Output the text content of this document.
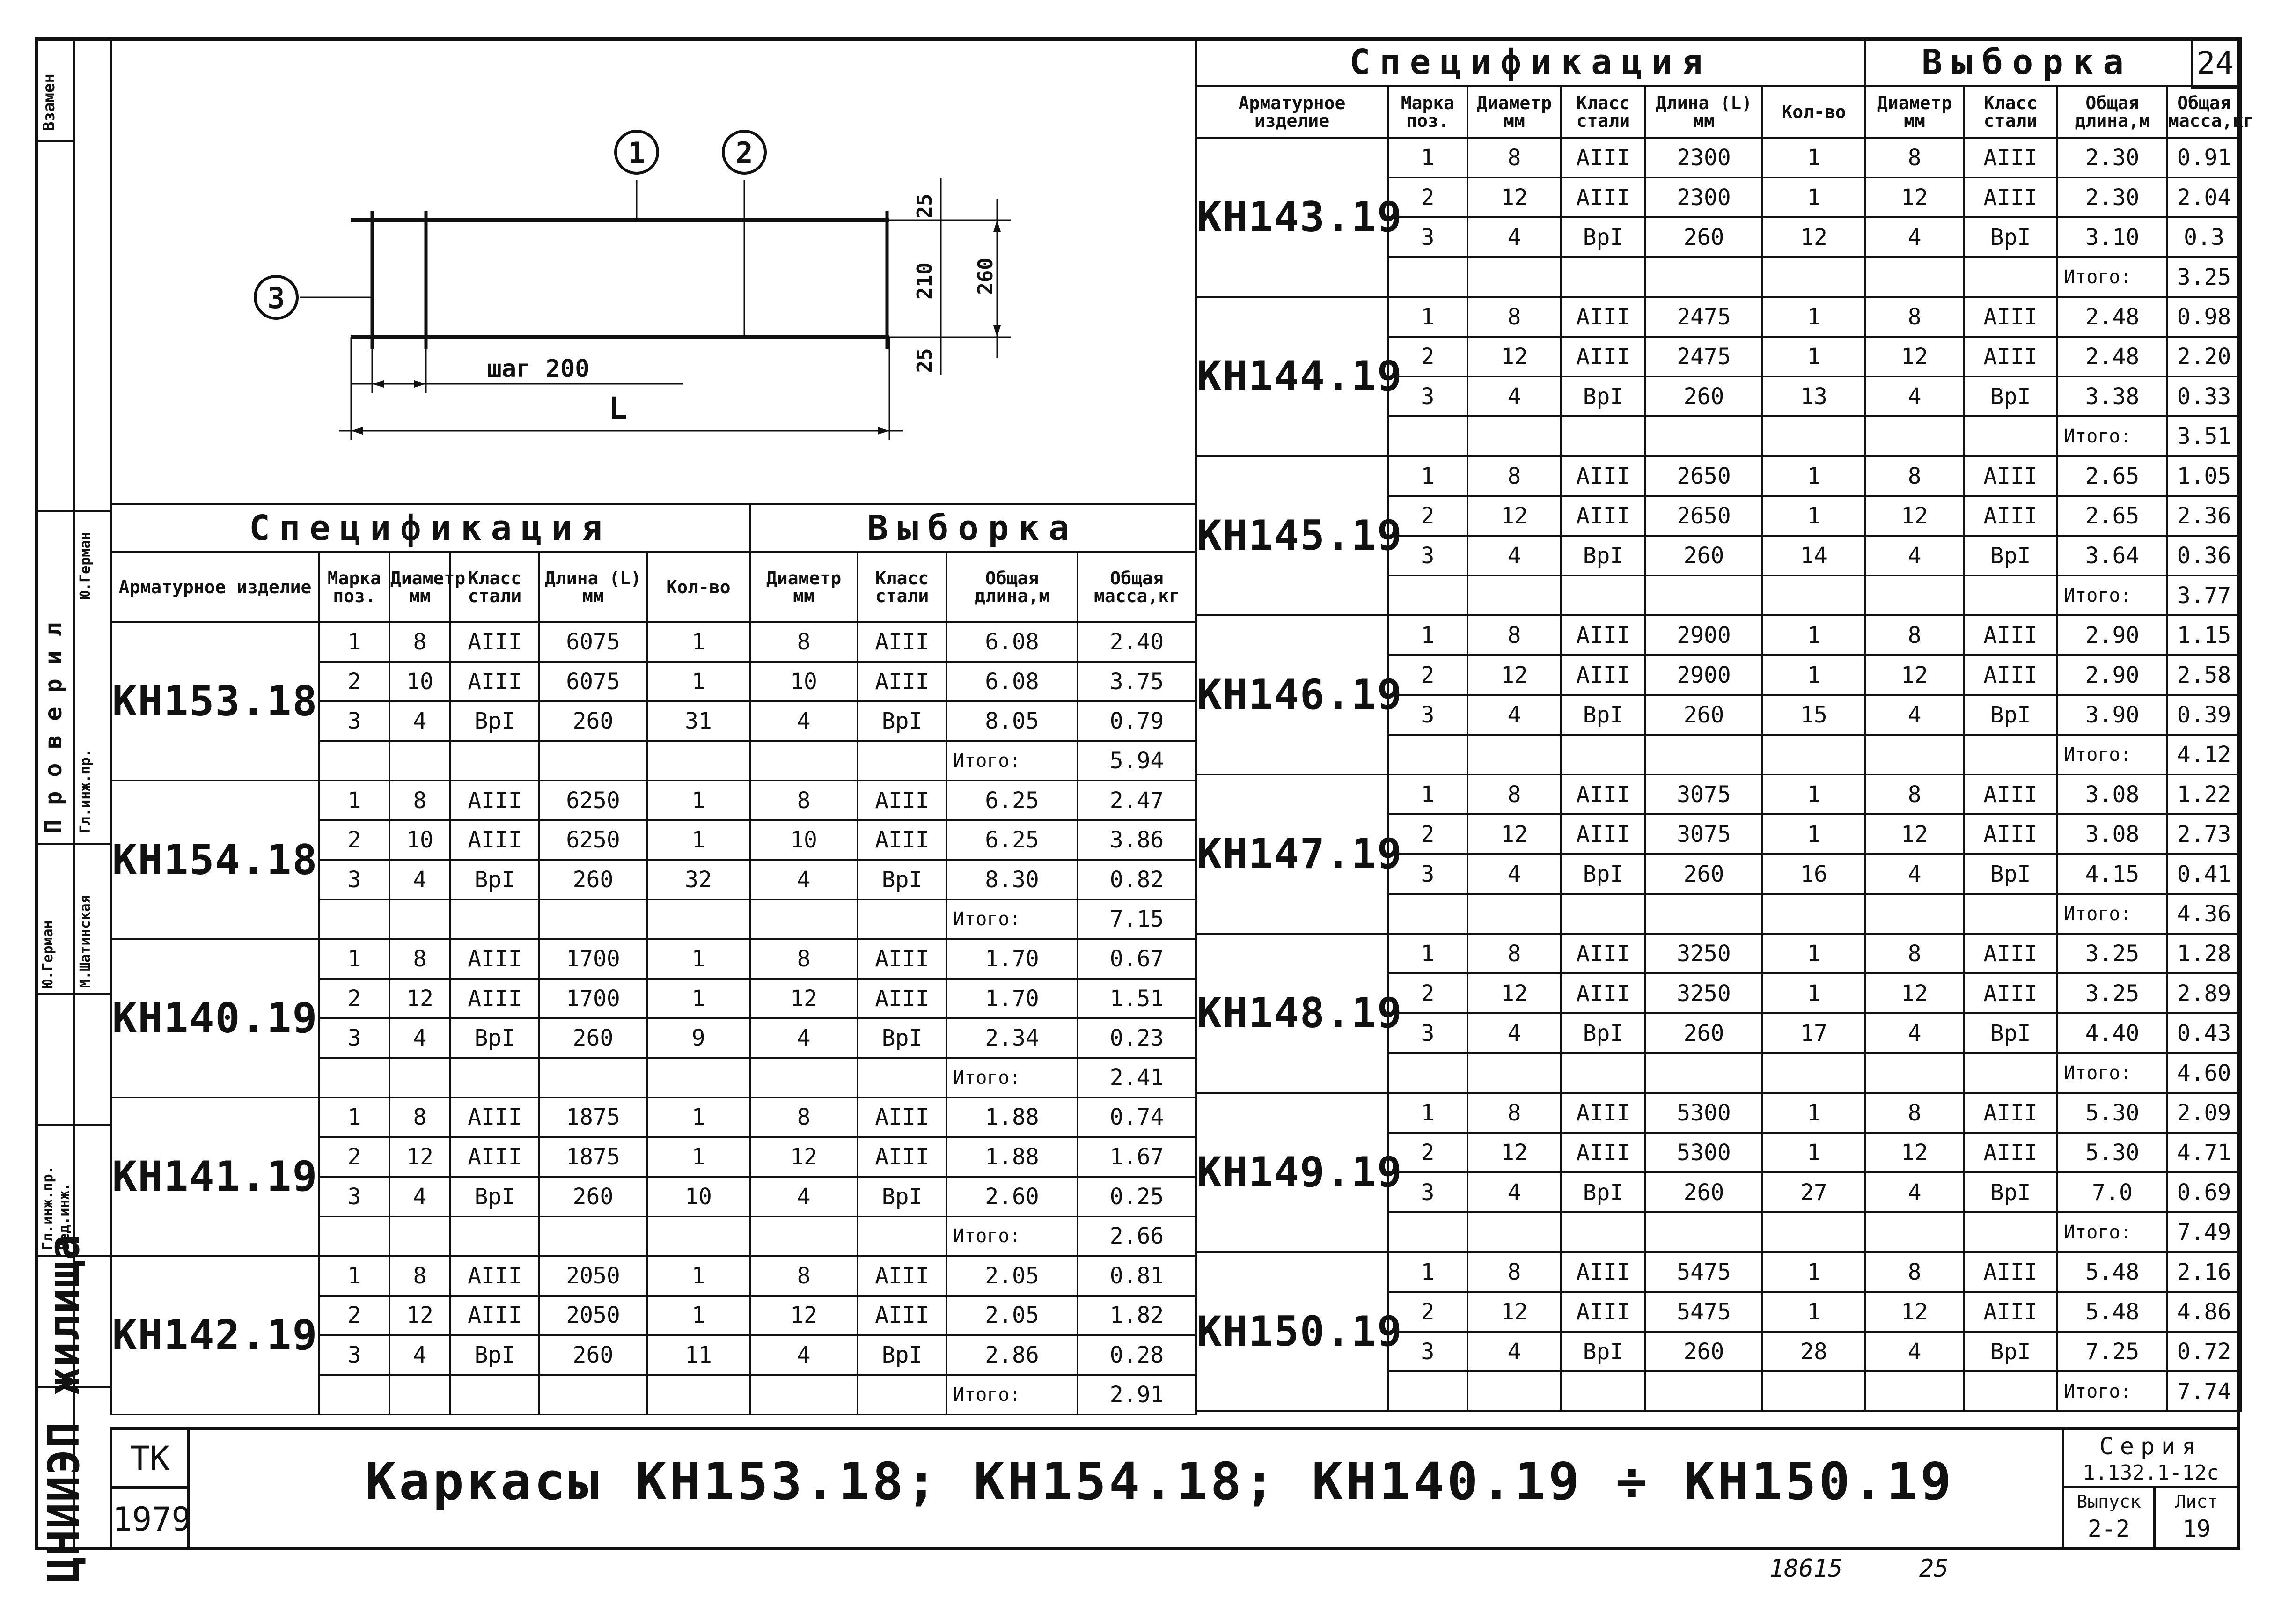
Взамен
Проверил Гл.инж.пр.
Ю.Герман
Ю.Герман М.Шатинская
Гл.инж.пр. Вед.инж.
ЦНИИЭП жилища
24
1	2
3
25
210 260
25
шаг 200
L
Спецификация						Выборка			
Арматурное изделие	Марка поз.	Диаметр мм	Класс стали	Длина (L) мм	Кол-во	Диаметр мм	Класс стали	Общая длина,м	Общая масса,кг
КН153.18	1	8	АIII	6075	1	8	АIII	6.08	2.40
	2	10	АIII	6075	1	10	АIII	6.08	3.75
	3	4	ВрI	260	31	4	ВрI	8.05	0.79
								Итого:	5.94
КН154.18	1	8	АIII	6250	1	8	АIII	6.25	2.47
	2	10	АIII	6250	1	10	АIII	6.25	3.86
	3	4	ВрI	260	32	4	ВрI	8.30	0.82
								Итого:	7.15
КН140.19	1	8	АIII	1700	1	8	АIII	1.70	0.67
	2	12	АIII	1700	1	12	АIII	1.70	1.51
	3	4	ВрI	260	9	4	ВрI	2.34	0.23
								Итого:	2.41
КН141.19	1	8	АIII	1875	1	8	АIII	1.88	0.74
	2	12	АIII	1875	1	12	АIII	1.88	1.67
	3	4	ВрI	260	10	4	ВрI	2.60	0.25
								Итого:	2.66
КН142.19	1	8	АIII	2050	1	8	АIII	2.05	0.81
	2	12	АIII	2050	1	12	АIII	2.05	1.82
	3	4	ВрI	260	11	4	ВрI	2.86	0.28
								Итого:	2.91
Спецификация						Выборка			
Арматурное изделие	Марка поз.	Диаметр мм	Класс стали	Длина (L) мм	Кол-во	Диаметр мм	Класс стали	Общая длина,м	Общая масса,кг
КН143.19	1	8	АIII	2300	1	8	АIII	2.30	0.91
	2	12	АIII	2300	1	12	АIII	2.30	2.04
	3	4	ВрI	260	12	4	ВрI	3.10	0.3
								Итого:	3.25
КН144.19	1	8	АIII	2475	1	8	АIII	2.48	0.98
	2	12	АIII	2475	1	12	АIII	2.48	2.20
	3	4	ВрI	260	13	4	ВрI	3.38	0.33
								Итого:	3.51
КН145.19	1	8	АIII	2650	1	8	АIII	2.65	1.05
	2	12	АIII	2650	1	12	АIII	2.65	2.36
	3	4	ВрI	260	14	4	ВрI	3.64	0.36
								Итого:	3.77
КН146.19	1	8	АIII	2900	1	8	АIII	2.90	1.15
	2	12	АIII	2900	1	12	АIII	2.90	2.58
	3	4	ВрI	260	15	4	ВрI	3.90	0.39
								Итого:	4.12
КН147.19	1	8	АIII	3075	1	8	АIII	3.08	1.22
	2	12	АIII	3075	1	12	АIII	3.08	2.73
	3	4	ВрI	260	16	4	ВрI	4.15	0.41
								Итого:	4.36
КН148.19	1	8	АIII	3250	1	8	АIII	3.25	1.28
	2	12	АIII	3250	1	12	АIII	3.25	2.89
	3	4	ВрI	260	17	4	ВрI	4.40	0.43
								Итого:	4.60
КН149.19	1	8	АIII	5300	1	8	АIII	5.30	2.09
	2	12	АIII	5300	1	12	АIII	5.30	4.71
	3	4	ВрI	260	27	4	ВрI	7.0	0.69
								Итого:	7.49
КН150.19	1	8	АIII	5475	1	8	АIII	5.48	2.16
	2	12	АIII	5475	1	12	АIII	5.48	4.86
	3	4	ВрI	260	28	4	ВрI	7.25	0.72
								Итого:	7.74
ТК
1979
Каркасы КН153.18; КН154.18; КН140.19 ÷ КН150.19
Серия
1.132.1-12с
Выпуск
2-2
Лист
19
18615	25
